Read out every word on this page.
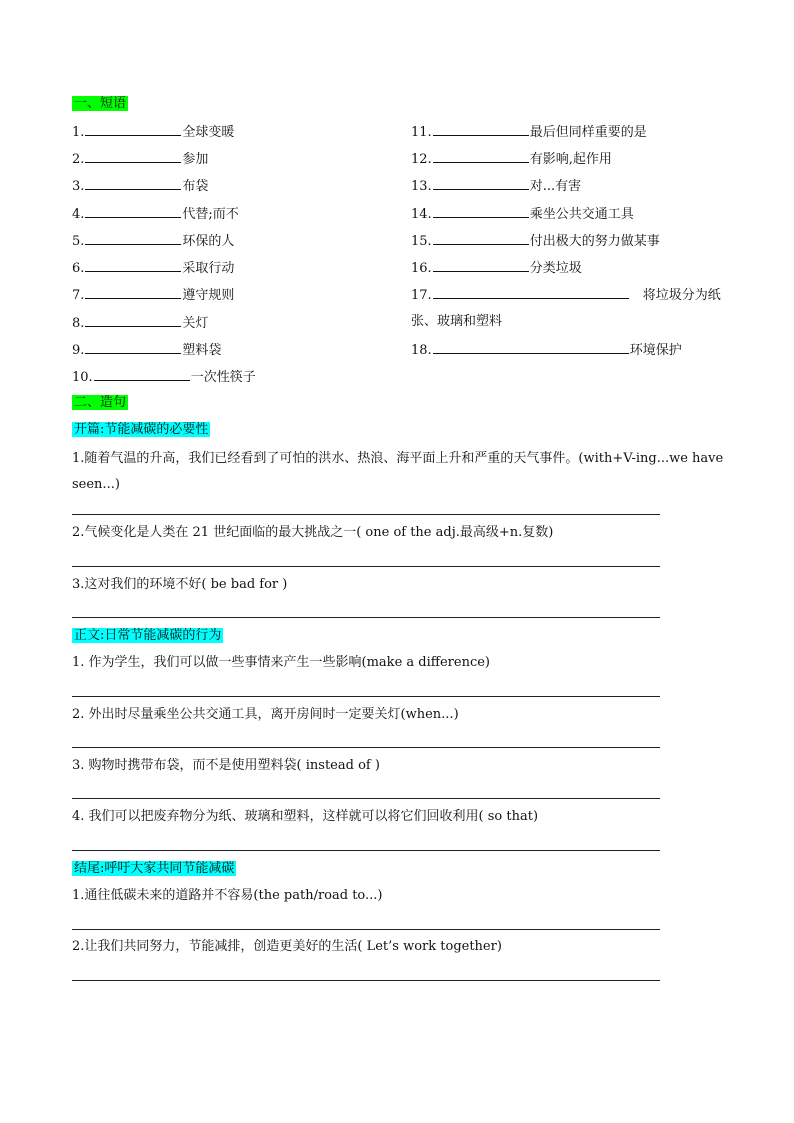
一、短语
1.	全球变暖
2.	参加
3.	布袋
4.	代替;而不
5.	环保的人
6.	采取行动
7.	遵守规则
8.	关灯
9.	塑料袋
10.	一次性筷子
11.	最后但同样重要的是
12.	有影响,起作用
13.	对...有害
14.	乘坐公共交通工具
15.	付出极大的努力做某事
16.	分类垃圾
17.	将垃圾分为纸
张、玻璃和塑料
18.	环境保护
二、造句
开篇:节能减碳的必要性
1.随着气温的升高，我们已经看到了可怕的洪水、热浪、海平面上升和严重的天气事件。(with+V-ing...we have seen...)
2.气候变化是人类在 21 世纪面临的最大挑战之一( one of the adj.最高级+n.复数)
3.这对我们的环境不好( be bad for )
正文:日常节能减碳的行为
1. 作为学生，我们可以做一些事情来产生一些影响(make a difference)
2. 外出时尽量乘坐公共交通工具，离开房间时一定要关灯(when...)
3. 购物时携带布袋，而不是使用塑料袋( instead of )
4. 我们可以把废弃物分为纸、玻璃和塑料，这样就可以将它们回收利用( so that)
结尾:呼吁大家共同节能减碳
1.通往低碳未来的道路并不容易(the path/road to...)
2.让我们共同努力，节能减排，创造更美好的生活( Let’s work together)
